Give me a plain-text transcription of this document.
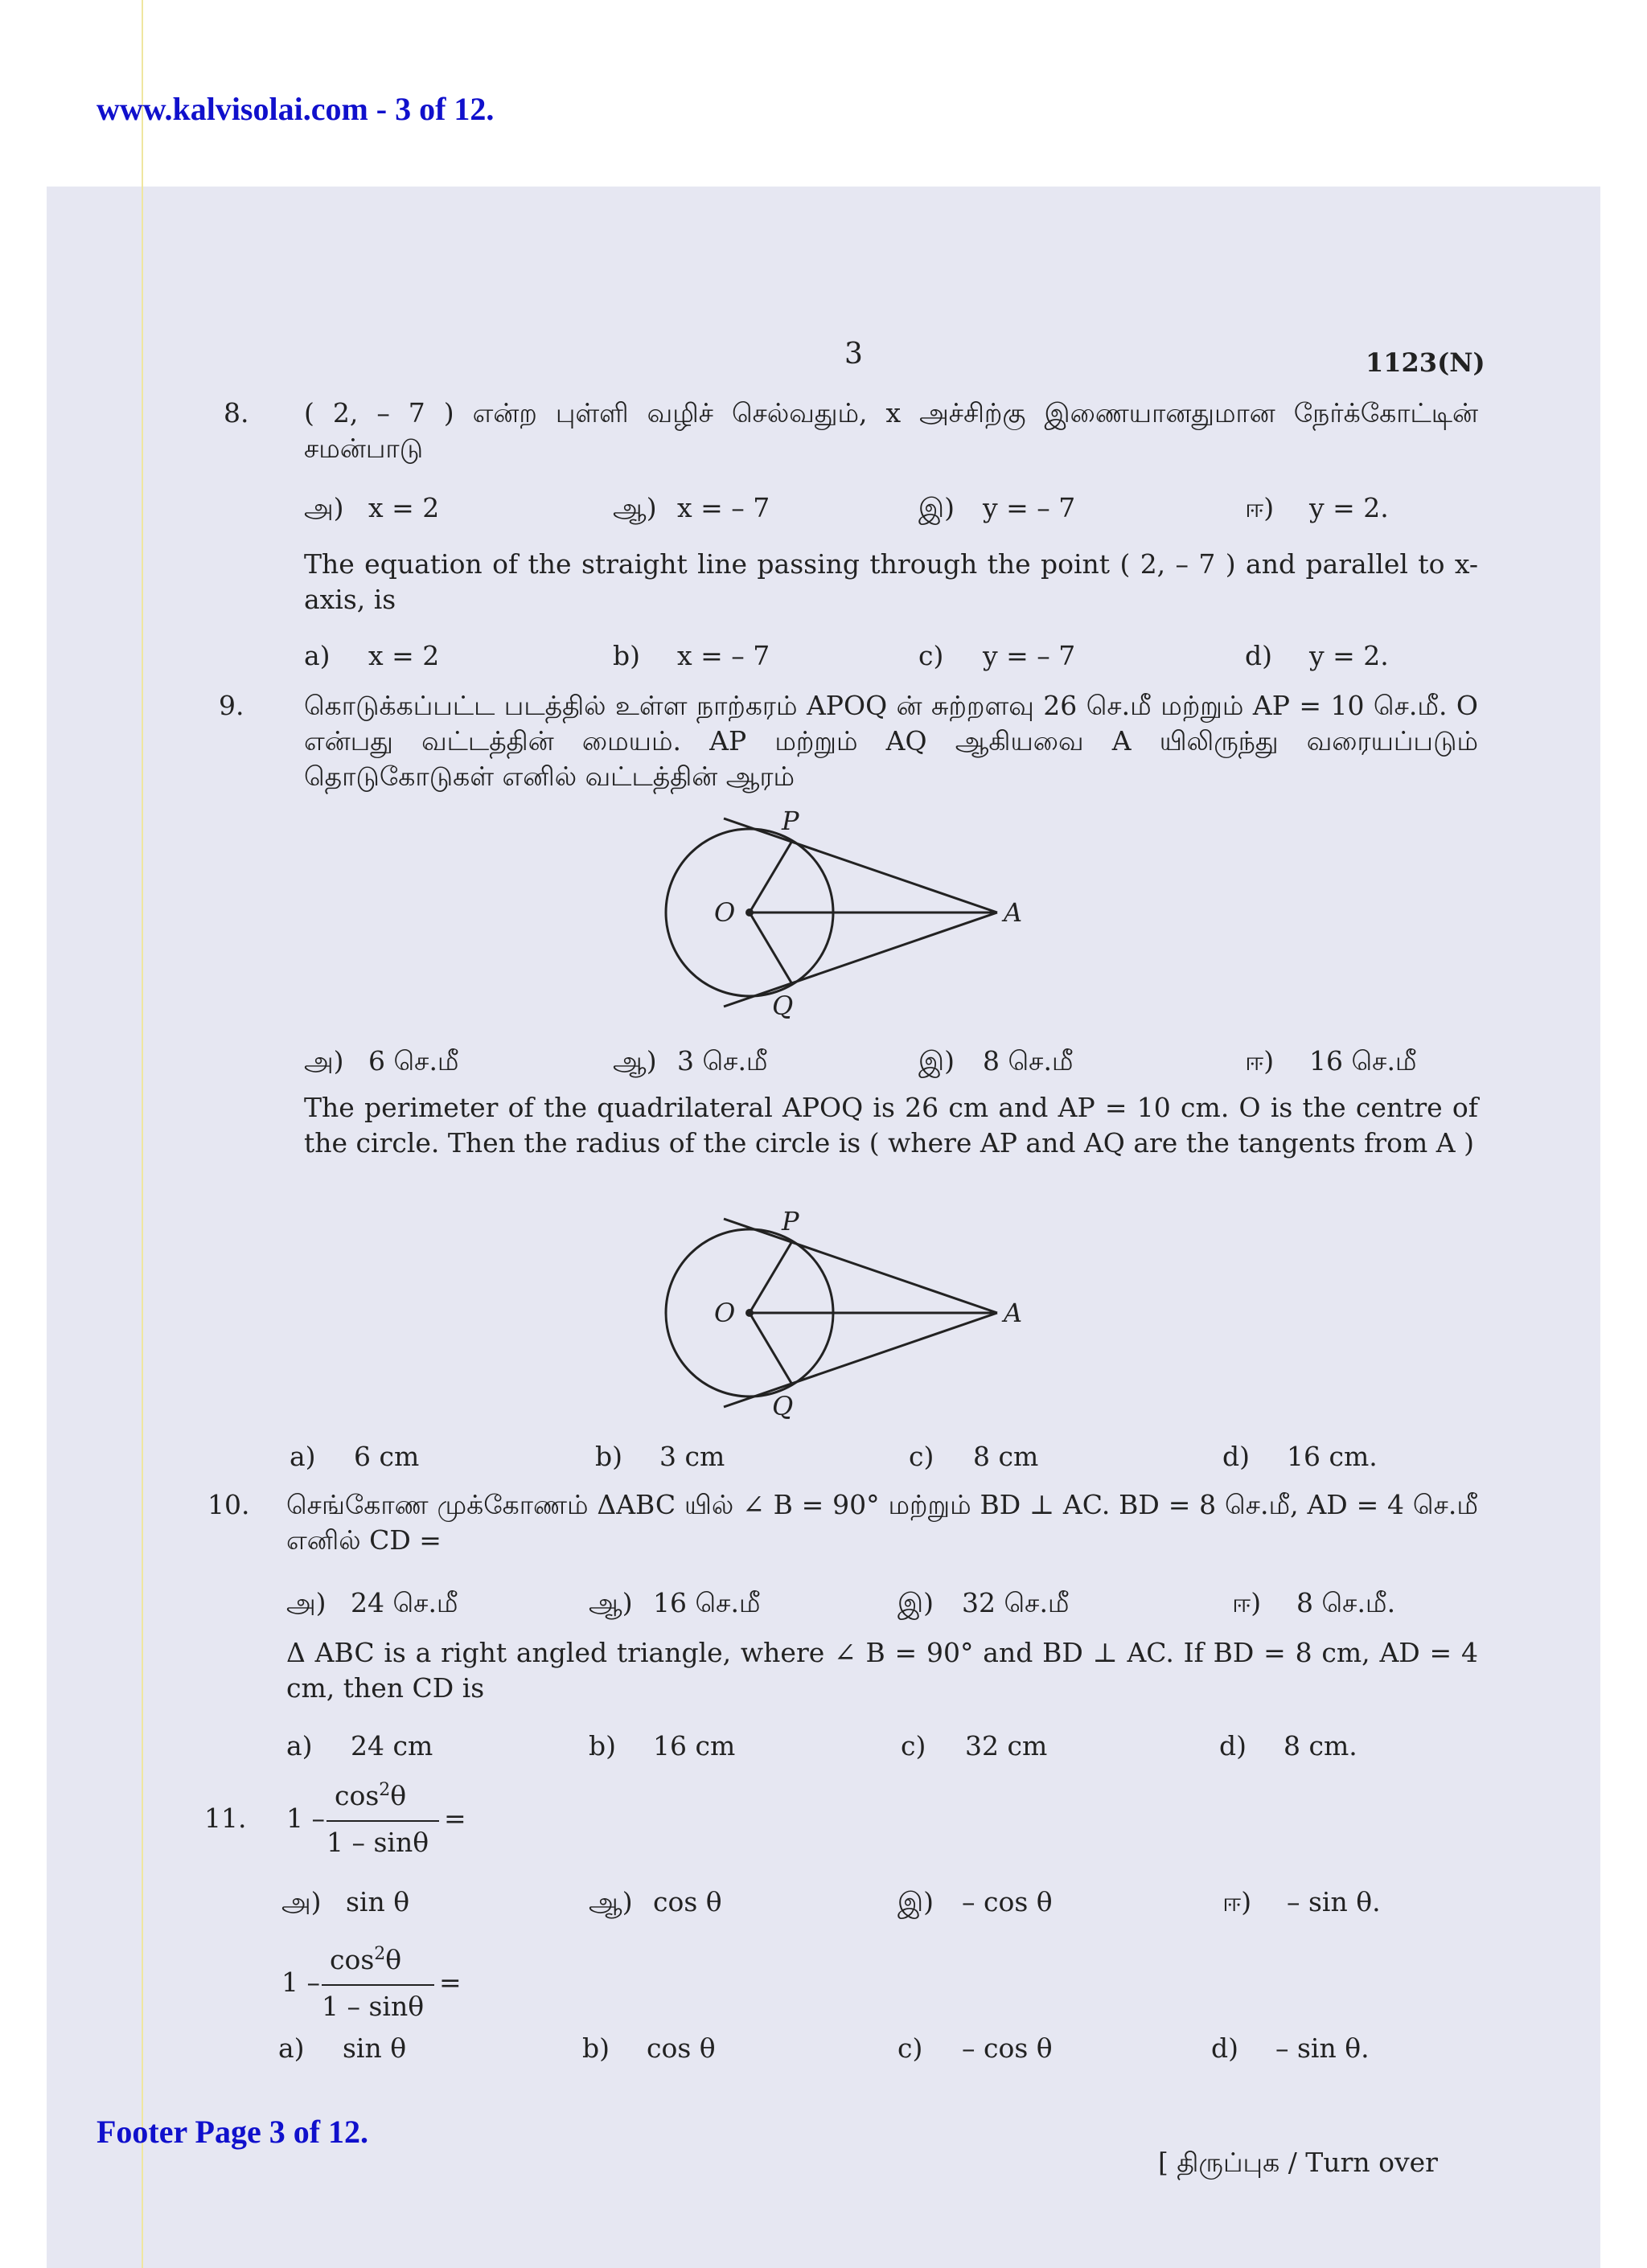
www.kalvisolai.com - 3 of 12.
3	1123(N)
8. ( 2, – 7 ) என்ற புள்ளி வழிச் செல்வதும், x அச்சிற்கு இணையானதுமான நேர்க்கோட்டின் சமன்பாடு
அ) x = 2	ஆ) x = – 7	இ) y = – 7	ஈ) y = 2.
The equation of the straight line passing through the point ( 2, – 7 ) and parallel to x-axis, is
a) x = 2	b) x = – 7	c) y = – 7	d) y = 2.
9. கொடுக்கப்பட்ட படத்தில் உள்ள நாற்கரம் APOQ ன் சுற்றளவு 26 செ.மீ மற்றும் AP = 10 செ.மீ. O என்பது வட்டத்தின் மையம். AP மற்றும் AQ ஆகியவை A யிலிருந்து வரையப்படும் தொடுகோடுகள் எனில் வட்டத்தின் ஆரம்
P
O	A
Q
அ) 6 செ.மீ	ஆ) 3 செ.மீ	இ) 8 செ.மீ	ஈ) 16 செ.மீ
The perimeter of the quadrilateral APOQ is 26 cm and AP = 10 cm. O is the centre of the circle. Then the radius of the circle is ( where AP and AQ are the tangents from A )
P
O	A
Q
a) 6 cm	b) 3 cm	c) 8 cm	d) 16 cm.
10. செங்கோண முக்கோணம் ΔABC யில் ∠ B = 90° மற்றும் BD ⊥ AC. BD = 8 செ.மீ, AD = 4 செ.மீ எனில் CD =
அ) 24 செ.மீ	ஆ) 16 செ.மீ	இ) 32 செ.மீ	ஈ) 8 செ.மீ.
Δ ABC is a right angled triangle, where ∠ B = 90° and BD ⊥ AC. If BD = 8 cm, AD = 4 cm, then CD is
a) 24 cm	b) 16 cm	c) 32 cm	d) 8 cm.
11. 1 –
$\cos^2\theta$
1 – sinθ
=
அ) sin θ	ஆ) cos θ	இ) – cos θ	ஈ) – sin θ.
1 –
$\cos^2\theta$
1 – sinθ
=
a) sin θ	b) cos θ	c) – cos θ	d) – sin θ.
Footer Page 3 of 12.
[ திருப்புக / Turn over
